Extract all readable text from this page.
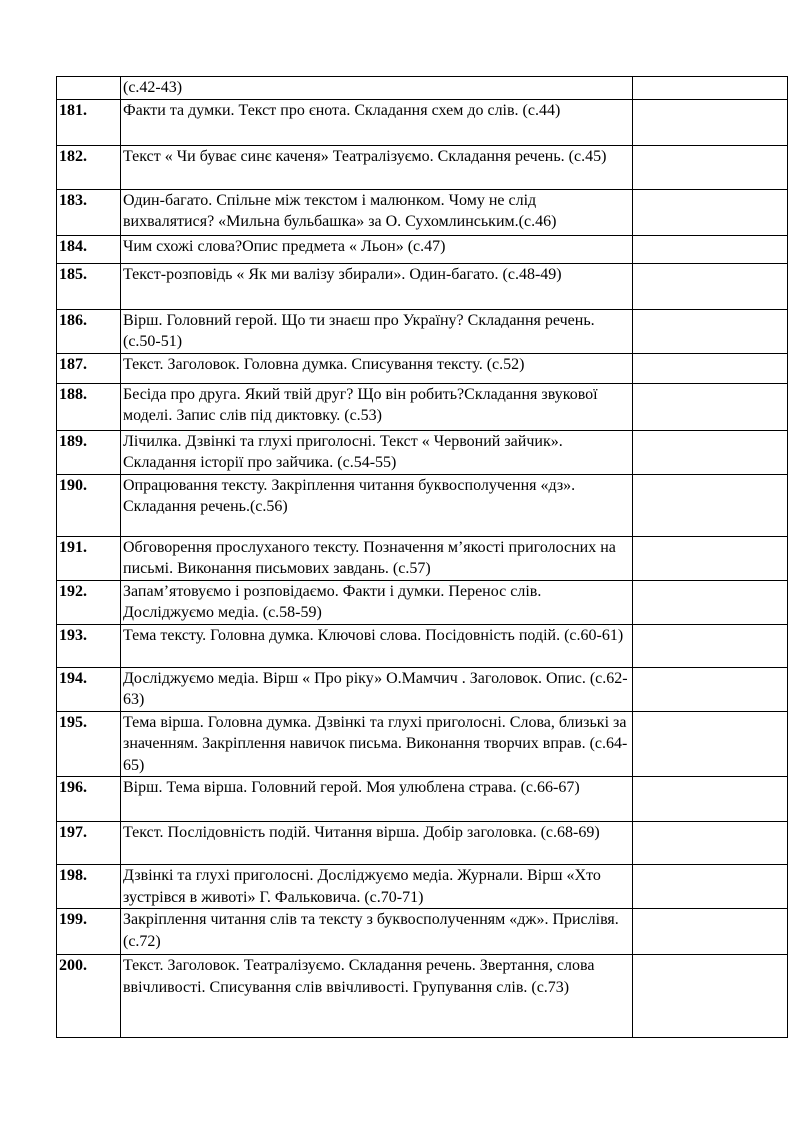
	(с.42-43)	
181.	Факти та думки. Текст про єнота. Складання схем до слів. (с.44)	
182.	Текст « Чи буває синє каченя» Театралізуємо. Складання речень. (с.45)	
183.	Один-багато. Спільне між текстом і малюнком. Чому не слід вихвалятися? «Мильна бульбашка» за О. Сухомлинським.(с.46)	
184.	Чим схожі слова?Опис предмета « Льон» (с.47)	
185.	Текст-розповідь « Як ми валізу збирали». Один-багато. (с.48-49)	
186.	Вірш. Головний герой. Що ти знаєш про Україну? Складання речень. (с.50-51)	
187.	Текст. Заголовок. Головна думка. Списування тексту. (с.52)	
188.	Бесіда про друга. Який твій друг? Що він робить?Складання звукової моделі. Запис слів під диктовку. (с.53)	
189.	Лічилка. Дзвінкі та глухі приголосні. Текст « Червоний зайчик». Складання історії про зайчика. (с.54-55)	
190.	Опрацювання тексту. Закріплення читання буквосполучення «дз». Складання речень.(с.56)	
191.	Обговорення прослуханого тексту. Позначення м’якості приголосних на письмі. Виконання письмових завдань. (с.57)	
192.	Запам’ятовуємо і розповідаємо. Факти і думки. Перенос слів. Досліджуємо медіа. (с.58-59)	
193.	Тема тексту. Головна думка. Ключові слова. Посідовність подій. (с.60-61)	
194.	Досліджуємо медіа. Вірш « Про ріку» О.Мамчич . Заголовок. Опис. (с.62-63)	
195.	Тема вірша. Головна думка. Дзвінкі та глухі приголосні. Слова, близькі за значенням. Закріплення навичок письма. Виконання творчих вправ. (с.64-65)	
196.	Вірш. Тема вірша. Головний герой. Моя улюблена страва. (с.66-67)	
197.	Текст. Послідовність подій. Читання вірша. Добір заголовка. (с.68-69)	
198.	Дзвінкі та глухі приголосні. Досліджуємо медіа. Журнали. Вірш «Хто зустрівся в животі» Г. Фальковича. (с.70-71)	
199.	Закріплення читання слів та тексту з буквосполученням «дж». Прислівя. (с.72)	
200.	Текст. Заголовок. Театралізуємо. Складання речень. Звертання, слова ввічливості. Списування слів ввічливості. Групування слів. (с.73)	
